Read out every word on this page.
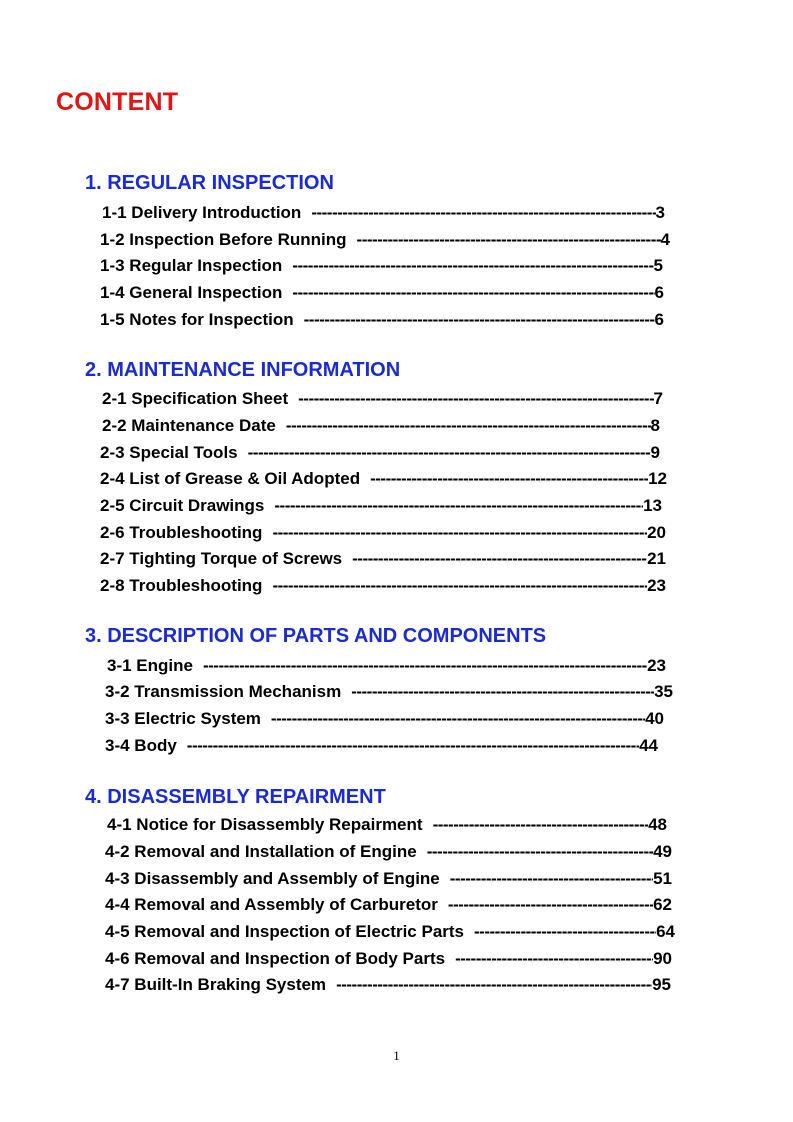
CONTENT
1. REGULAR INSPECTION
1-1 Delivery Introduction -----	3
1-2 Inspection Before Running -----	4
1-3 Regular Inspection -----	5
1-4 General Inspection -----	6
1-5 Notes for Inspection -----	6
2. MAINTENANCE INFORMATION
2-1 Specification Sheet -----	7
2-2 Maintenance Date -----	8
2-3 Special Tools -----	9
2-4 List of Grease & Oil Adopted -----	12
2-5 Circuit Drawings -----	13
2-6 Troubleshooting -----	20
2-7 Tighting Torque of Screws -----	21
2-8 Troubleshooting -----	23
3. DESCRIPTION OF PARTS AND COMPONENTS
3-1 Engine -----	23
3-2 Transmission Mechanism -----	35
3-3 Electric System -----	40
3-4 Body -----	44
4. DISASSEMBLY REPAIRMENT
4-1 Notice for Disassembly Repairment -----	48
4-2 Removal and Installation of Engine -----	49
4-3 Disassembly and Assembly of Engine -----	51
4-4 Removal and Assembly of Carburetor -----	62
4-5 Removal and Inspection of Electric Parts -----	64
4-6 Removal and Inspection of Body Parts -----	90
4-7 Built-In Braking System -----	95
1
